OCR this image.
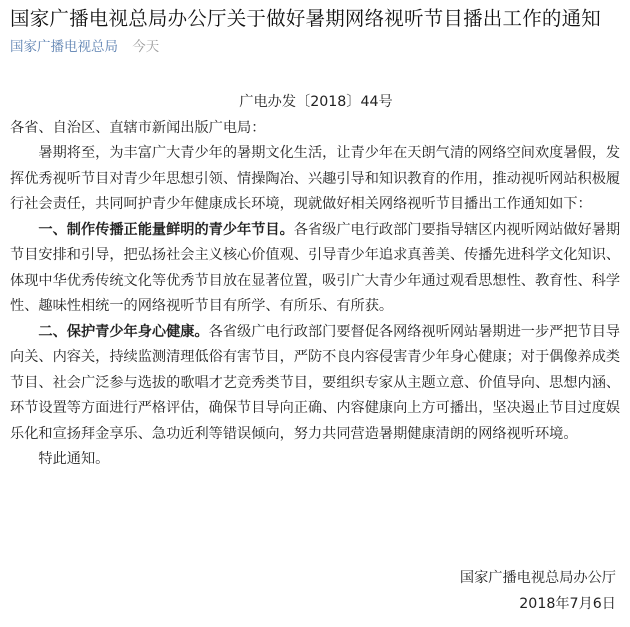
国家广播电视总局办公厅关于做好暑期网络视听节目播出工作的通知
国家广播电视总局 今天

广电办发〔2018〕44号

各省、自治区、直辖市新闻出版广电局：

暑期将至，为丰富广大青少年的暑期文化生活，让青少年在天朗气清的网络空间欢度暑假，发挥优秀视听节目对青少年思想引领、情操陶冶、兴趣引导和知识教育的作用，推动视听网站积极履行社会责任，共同呵护青少年健康成长环境，现就做好相关网络视听节目播出工作通知如下：

一、制作传播正能量鲜明的青少年节目。各省级广电行政部门要指导辖区内视听网站做好暑期节目安排和引导，把弘扬社会主义核心价值观、引导青少年追求真善美、传播先进科学文化知识、体现中华优秀传统文化等优秀节目放在显著位置，吸引广大青少年通过观看思想性、教育性、科学性、趣味性相统一的网络视听节目有所学、有所乐、有所获。

二、保护青少年身心健康。各省级广电行政部门要督促各网络视听网站暑期进一步严把节目导向关、内容关，持续监测清理低俗有害节目，严防不良内容侵害青少年身心健康；对于偶像养成类节目、社会广泛参与选拔的歌唱才艺竞秀类节目，要组织专家从主题立意、价值导向、思想内涵、环节设置等方面进行严格评估，确保节目导向正确、内容健康向上方可播出，坚决遏止节目过度娱乐化和宣扬拜金享乐、急功近利等错误倾向，努力共同营造暑期健康清朗的网络视听环境。

特此通知。

国家广播电视总局办公厅
2018年7月6日
